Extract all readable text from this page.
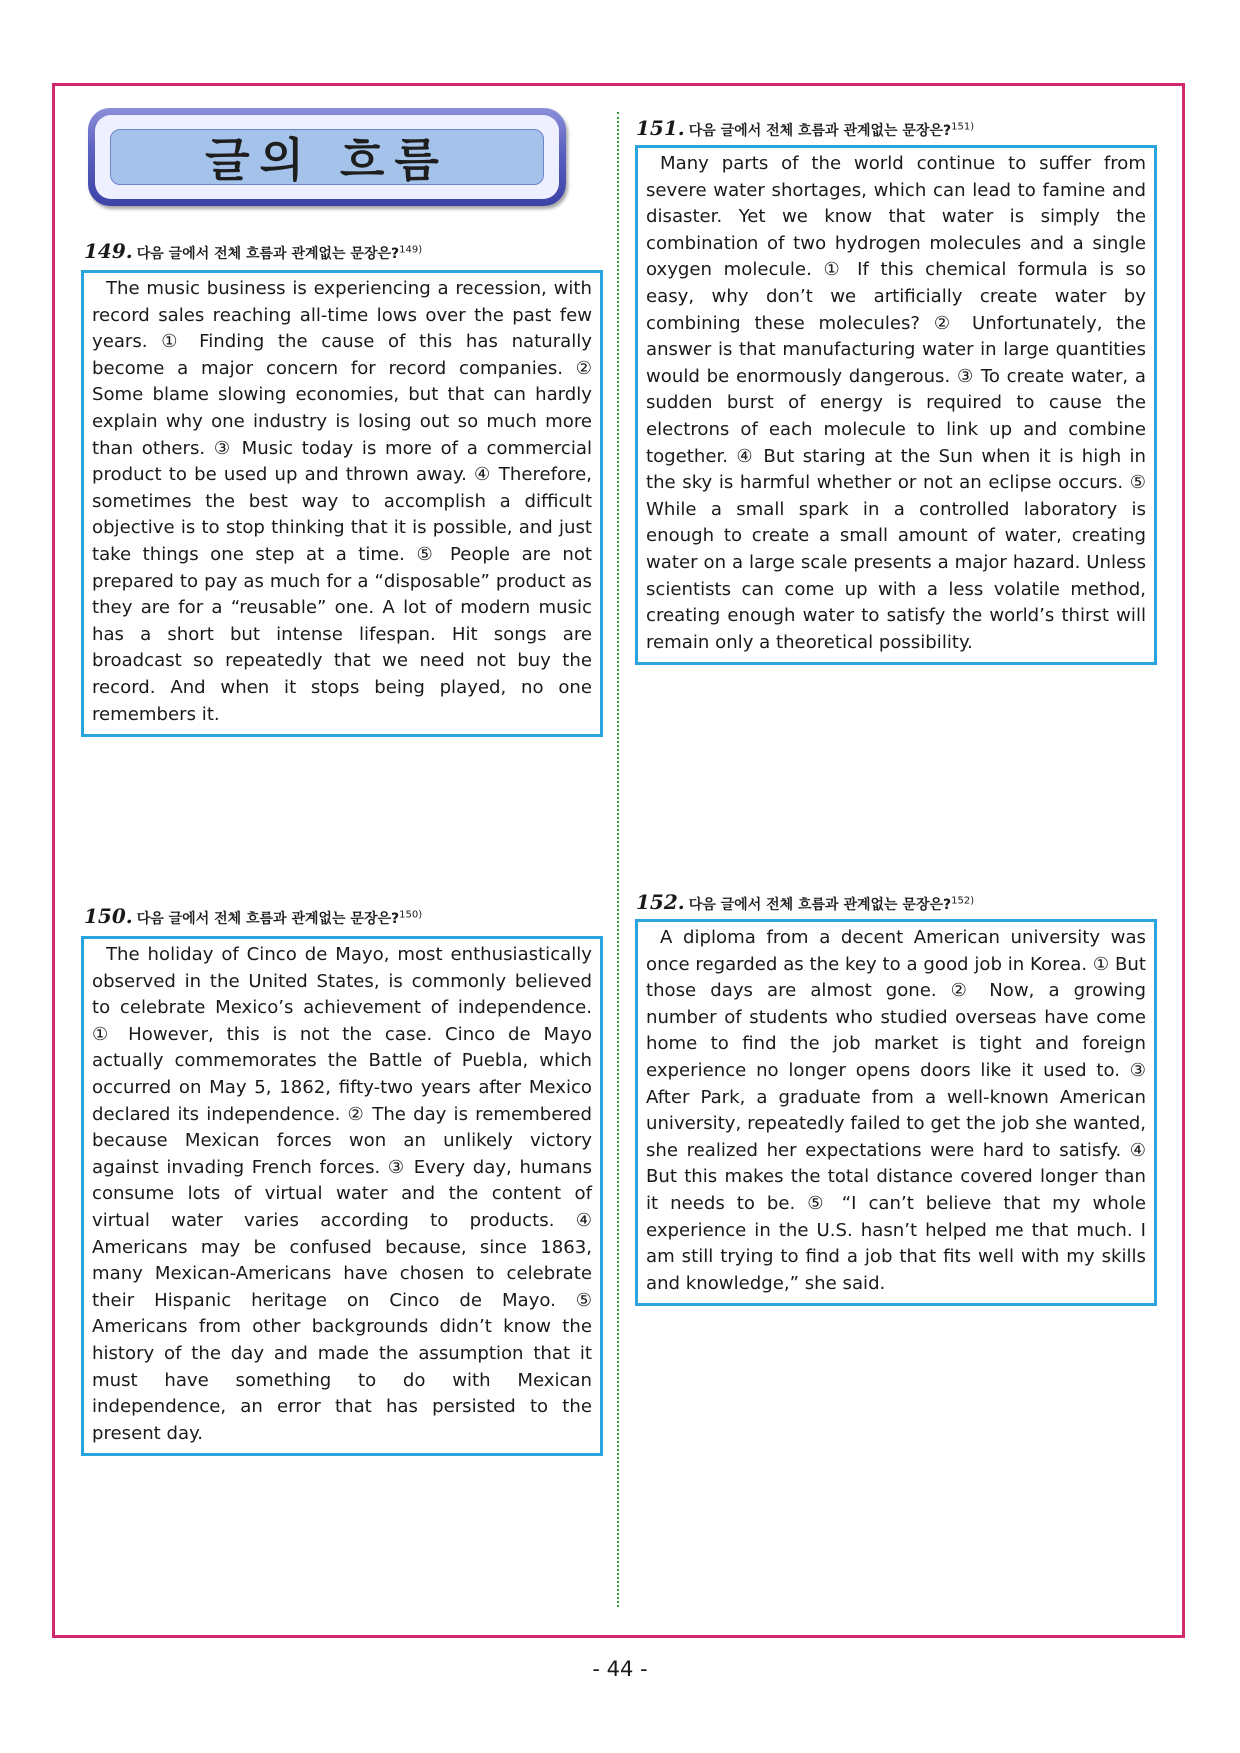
글의 흐름
149. 다음 글에서 전체 흐름과 관계없는 문장은?$^{149)}$

The music business is experiencing a recession, with record sales reaching all-time lows over the past few years. ① Finding the cause of this has naturally become a major concern for record companies. ② Some blame slowing economies, but that can hardly explain why one industry is losing out so much more than others. ③ Music today is more of a commercial product to be used up and thrown away. ④ Therefore, sometimes the best way to accomplish a difficult objective is to stop thinking that it is possible, and just take things one step at a time. ⑤ People are not prepared to pay as much for a “disposable” product as they are for a “reusable” one. A lot of modern music has a short but intense lifespan. Hit songs are broadcast so repeatedly that we need not buy the record. And when it stops being played, no one remembers it.

150. 다음 글에서 전체 흐름과 관계없는 문장은?$^{150)}$

The holiday of Cinco de Mayo, most enthusiastically observed in the United States, is commonly believed to celebrate Mexico’s achievement of independence. ① However, this is not the case. Cinco de Mayo actually commemorates the Battle of Puebla, which occurred on May 5, 1862, fifty-two years after Mexico declared its independence. ② The day is remembered because Mexican forces won an unlikely victory against invading French forces. ③ Every day, humans consume lots of virtual water and the content of virtual water varies according to products. ④ Americans may be confused because, since 1863, many Mexican-Americans have chosen to celebrate their Hispanic heritage on Cinco de Mayo. ⑤ Americans from other backgrounds didn’t know the history of the day and made the assumption that it must have something to do with Mexican independence, an error that has persisted to the present day.

151. 다음 글에서 전체 흐름과 관계없는 문장은?$^{151)}$

Many parts of the world continue to suffer from severe water shortages, which can lead to famine and disaster. Yet we know that water is simply the combination of two hydrogen molecules and a single oxygen molecule. ① If this chemical formula is so easy, why don’t we artificially create water by combining these molecules? ② Unfortunately, the answer is that manufacturing water in large quantities would be enormously dangerous. ③ To create water, a sudden burst of energy is required to cause the electrons of each molecule to link up and combine together. ④ But staring at the Sun when it is high in the sky is harmful whether or not an eclipse occurs. ⑤ While a small spark in a controlled laboratory is enough to create a small amount of water, creating water on a large scale presents a major hazard. Unless scientists can come up with a less volatile method, creating enough water to satisfy the world’s thirst will remain only a theoretical possibility.

152. 다음 글에서 전체 흐름과 관계없는 문장은?$^{152)}$

A diploma from a decent American university was once regarded as the key to a good job in Korea. ① But those days are almost gone. ② Now, a growing number of students who studied overseas have come home to find the job market is tight and foreign experience no longer opens doors like it used to. ③ After Park, a graduate from a well-known American university, repeatedly failed to get the job she wanted, she realized her expectations were hard to satisfy. ④ But this makes the total distance covered longer than it needs to be. ⑤ “I can’t believe that my whole experience in the U.S. hasn’t helped me that much. I am still trying to find a job that fits well with my skills and knowledge,” she said.

- 44 -
